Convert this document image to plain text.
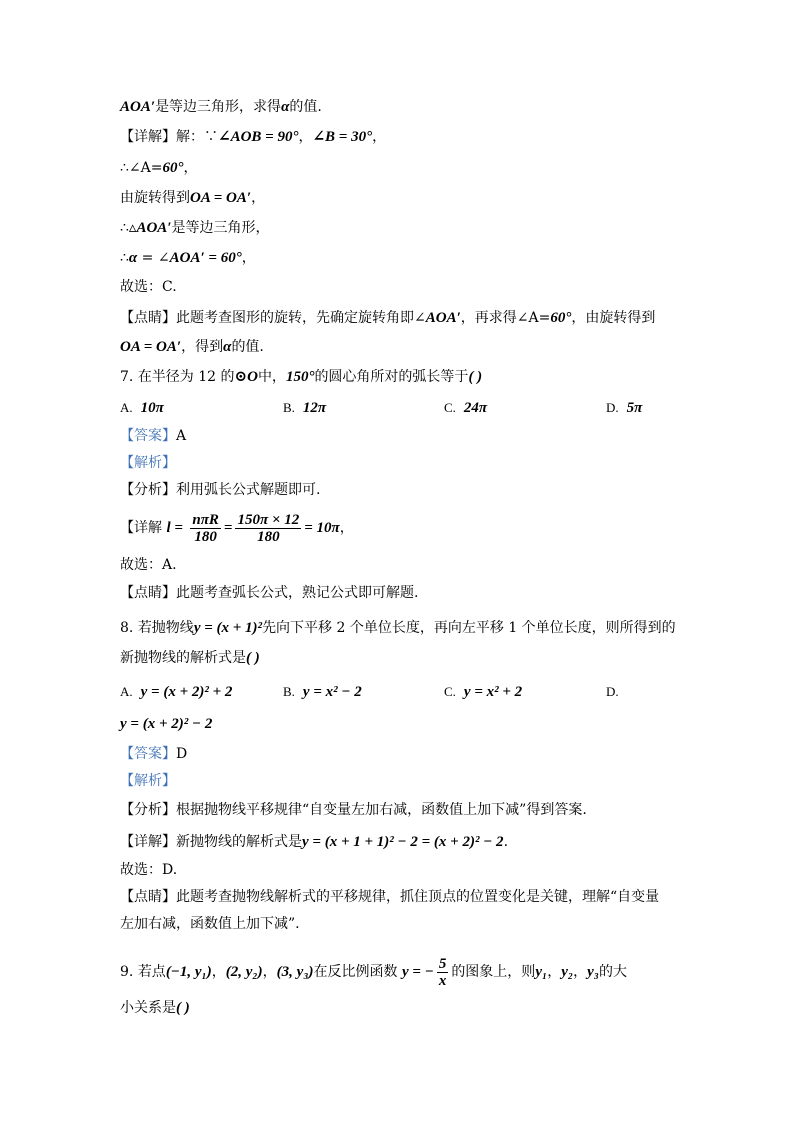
AOA′是等边三角形，求得α的值.
【详解】解：∵∠AOB = 90°，∠B = 30°，
∴∠A=60°，
由旋转得到OA = OA′，
∴▵AOA′是等边三角形，
∴α = ∠AOA′ = 60°，
故选：C.
【点睛】此题考查图形的旋转，先确定旋转角即∠AOA′，再求得∠A=60°，由旋转得到
OA = OA′，得到α的值.
7. 在半径为 12 的⊙O中，150°的圆心角所对的弧长等于( )
A. 10π	B. 12π	C. 24π	D. 5π
【答案】A
【解析】
【分析】利用弧长公式解题即可.
【详解 $l = \frac{\text{nπR}}{180} = \frac{150\pi \times 12}{180} = 10\pi$，
故选：A.
【点睛】此题考查弧长公式，熟记公式即可解题.
8. 若抛物线y = (x + 1)²先向下平移 2 个单位长度，再向左平移 1 个单位长度，则所得到的
新抛物线的解析式是( )
A. y = (x + 2)² + 2	B. y = x² − 2	C. y = x² + 2	D.
y = (x + 2)² − 2
【答案】D
【解析】
【分析】根据抛物线平移规律“自变量左加右减，函数值上加下减”得到答案.
【详解】新抛物线的解析式是y = (x + 1 + 1)² − 2 = (x + 2)² − 2.
故选：D.
【点睛】此题考查抛物线解析式的平移规律，抓住顶点的位置变化是关键，理解“自变量
左加右减，函数值上加下减”.
9. 若点(−1, y₁)，(2, y₂)，(3, y₃)在反比例函数 y = − $\frac{5}{x}$ 的图象上，则y₁，y₂，y₃的大
小关系是( )
